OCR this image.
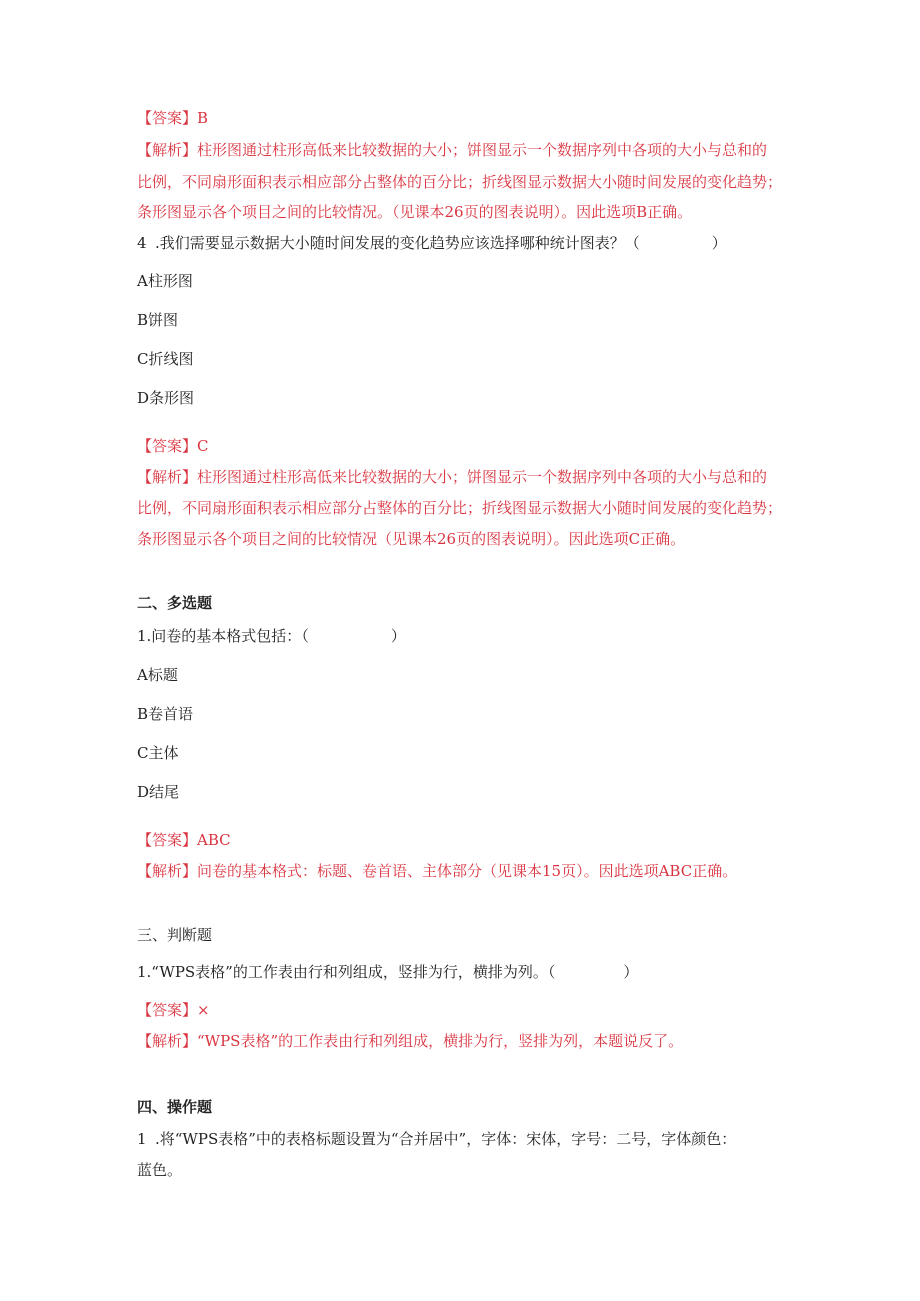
【答案】B
【解析】柱形图通过柱形高低来比较数据的大小；饼图显示一个数据序列中各项的大小与总和的
比例，不同扇形面积表示相应部分占整体的百分比；折线图显示数据大小随时间发展的变化趋势；
条形图显示各个项目之间的比较情况。（见课本26页的图表说明）。因此选项B正确。
4 .我们需要显示数据大小随时间发展的变化趋势应该选择哪种统计图表？（	）
A柱形图
B饼图
C折线图
D条形图
【答案】C
【解析】柱形图通过柱形高低来比较数据的大小；饼图显示一个数据序列中各项的大小与总和的
比例，不同扇形面积表示相应部分占整体的百分比；折线图显示数据大小随时间发展的变化趋势；
条形图显示各个项目之间的比较情况（见课本26页的图表说明）。因此选项C正确。
二、多选题
1.问卷的基本格式包括：（	）
A标题
B卷首语
C主体
D结尾
【答案】ABC
【解析】问卷的基本格式：标题、卷首语、主体部分（见课本15页）。因此选项ABC正确。
三、判断题
1.“WPS表格”的工作表由行和列组成，竖排为行，横排为列。（	）
【答案】×
【解析】“WPS表格”的工作表由行和列组成，横排为行，竖排为列，本题说反了。
四、操作题
1 .将“WPS表格”中的表格标题设置为“合并居中”，字体：宋体，字号：二号，字体颜色：
蓝色。
